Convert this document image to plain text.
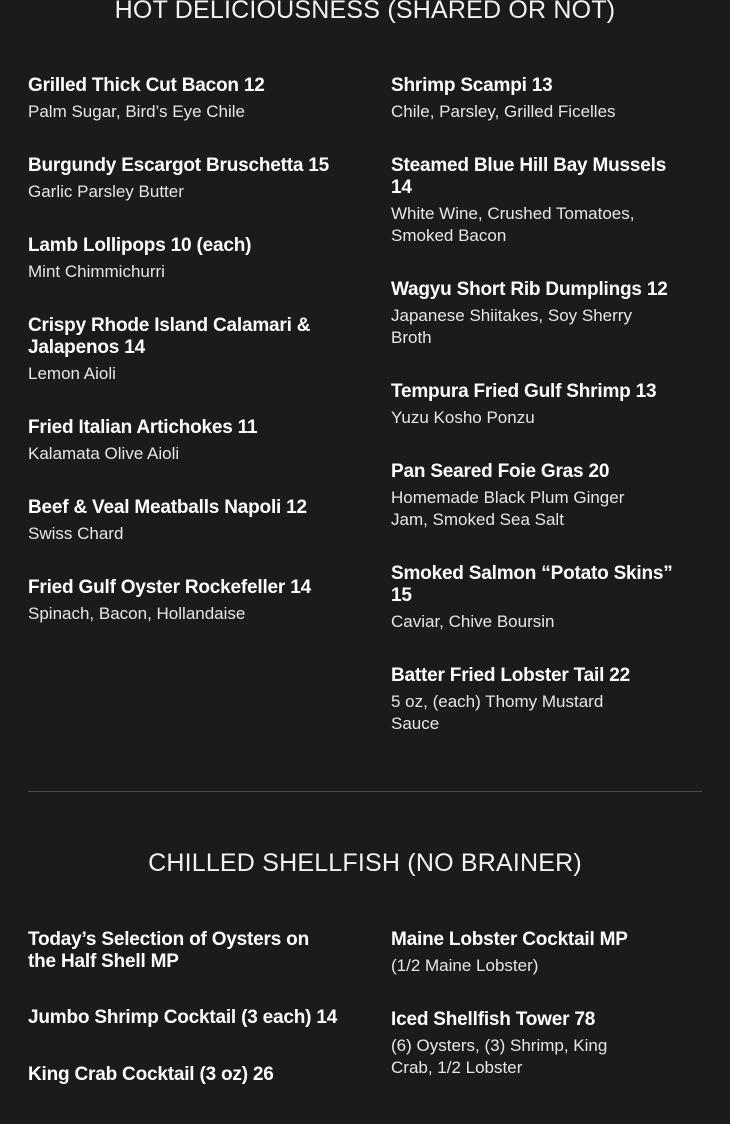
HOT DELICIOUSNESS (SHARED OR NOT)

Grilled Thick Cut Bacon 12

Palm Sugar, Bird’s Eye Chile

Burgundy Escargot Bruschetta 15

Garlic Parsley Butter

Lamb Lollipops 10 (each)

Mint Chimmichurri

Crispy Rhode Island Calamari & Jalapenos 14

Lemon Aioli

Fried Italian Artichokes 11

Kalamata Olive Aioli

Beef & Veal Meatballs Napoli 12

Swiss Chard

Fried Gulf Oyster Rockefeller 14

Spinach, Bacon, Hollandaise

Shrimp Scampi 13

Chile, Parsley, Grilled Ficelles

Steamed Blue Hill Bay Mussels 14

White Wine, Crushed Tomatoes, Smoked Bacon

Wagyu Short Rib Dumplings 12

Japanese Shiitakes, Soy Sherry Broth

Tempura Fried Gulf Shrimp 13

Yuzu Kosho Ponzu

Pan Seared Foie Gras 20

Homemade Black Plum Ginger Jam, Smoked Sea Salt

Smoked Salmon “Potato Skins” 15

Caviar, Chive Boursin

Batter Fried Lobster Tail 22

5 oz, (each) Thomy Mustard Sauce

CHILLED SHELLFISH (NO BRAINER)

Today’s Selection of Oysters on the Half Shell MP

Jumbo Shrimp Cocktail (3 each) 14

King Crab Cocktail (3 oz) 26

Maine Lobster Cocktail MP

(1/2 Maine Lobster)

Iced Shellfish Tower 78

(6) Oysters, (3) Shrimp, King Crab, 1/2 Lobster
